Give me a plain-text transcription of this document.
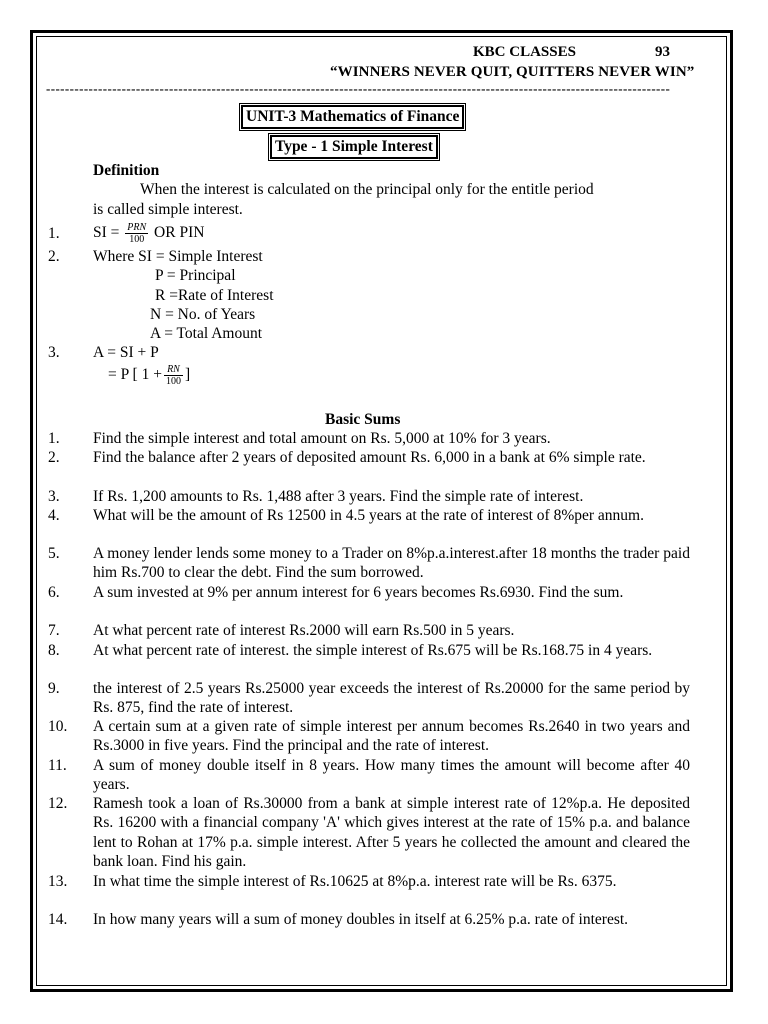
KBC CLASSES	93
“WINNERS NEVER QUIT, QUITTERS NEVER WIN”
------------------------------------------------------------------------------------------------------------------------------------
UNIT-3 Mathematics of Finance
Type - 1 Simple Interest
Definition
When the interest is calculated on the principal only for the entitle period
is called simple interest.
1. SI = $\frac{\text{PRN}}{100}$ OR PIN
2. Where SI = Simple Interest
P = Principal
R =Rate of Interest
N = No. of Years
A = Total Amount
3. A = SI + P
= P [ $1 + \frac{RN}{100}$ ]
Basic Sums
1. Find the simple interest and total amount on Rs. 5,000 at 10% for 3 years.
2. Find the balance after 2 years of deposited amount Rs. 6,000 in a bank at 6% simple rate.
3. If Rs. 1,200 amounts to Rs. 1,488 after 3 years. Find the simple rate of interest.
4. What will be the amount of Rs 12500 in 4.5 years at the rate of interest of 8%per annum.
5. A money lender lends some money to a Trader on 8%p.a.interest.after 18 months the trader paid him Rs.700 to clear the debt. Find the sum borrowed.
6. A sum invested at 9% per annum interest for 6 years becomes Rs.6930. Find the sum.
7. At what percent rate of interest Rs.2000 will earn Rs.500 in 5 years.
8. At what percent rate of interest. the simple interest of Rs.675 will be Rs.168.75 in 4 years.
9. the interest of 2.5 years Rs.25000 year exceeds the interest of Rs.20000 for the same period by Rs. 875, find the rate of interest.
10. A certain sum at a given rate of simple interest per annum becomes Rs.2640 in two years and Rs.3000 in five years. Find the principal and the rate of interest.
11. A sum of money double itself in 8 years. How many times the amount will become after 40 years.
12. Ramesh took a loan of Rs.30000 from a bank at simple interest rate of 12%p.a. He deposited Rs. 16200 with a financial company 'A' which gives interest at the rate of 15% p.a. and balance lent to Rohan at 17% p.a. simple interest. After 5 years he collected the amount and cleared the bank loan. Find his gain.
13. In what time the simple interest of Rs.10625 at 8%p.a. interest rate will be Rs. 6375.
14. In how many years will a sum of money doubles in itself at 6.25% p.a. rate of interest.
